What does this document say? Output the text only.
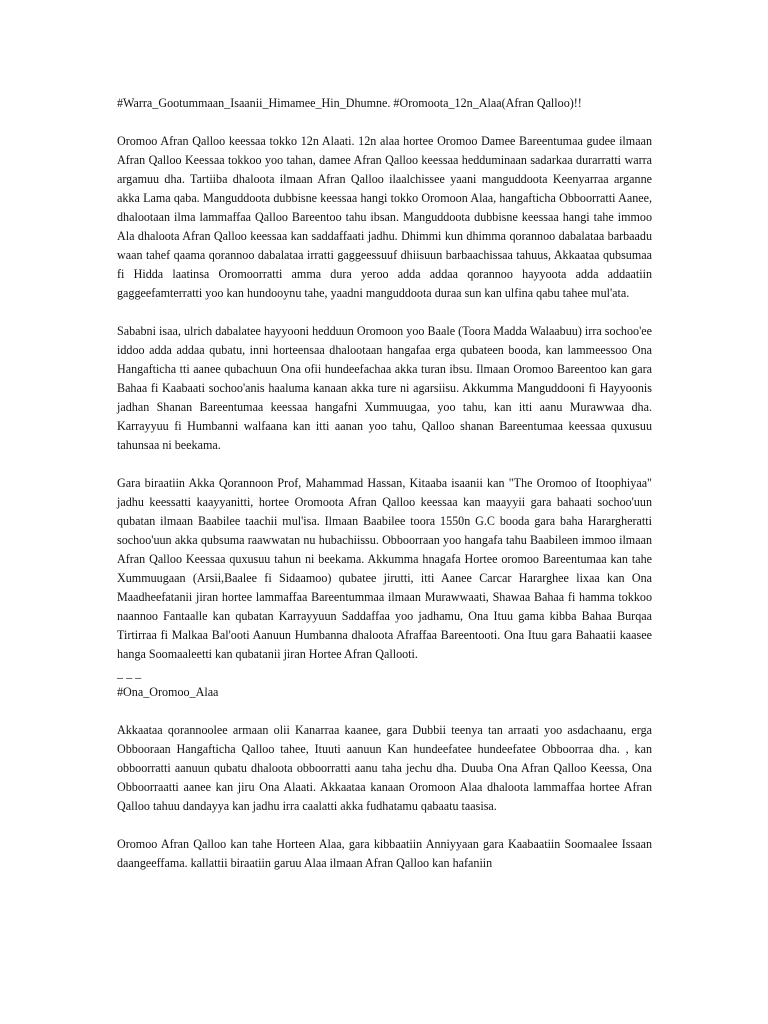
#Warra_Gootummaan_Isaanii_Himamee_Hin_Dhumne. #Oromoota_12n_Alaa(Afran Qalloo)!!

Oromoo Afran Qalloo keessaa tokko 12n Alaati. 12n alaa hortee Oromoo Damee Bareentumaa gudee ilmaan Afran Qalloo Keessaa tokkoo yoo tahan, damee Afran Qalloo keessaa hedduminaan sadarkaa durarratti warra argamuu dha. Tartiiba dhaloota ilmaan Afran Qalloo ilaalchissee yaani manguddoota Keenyarraa arganne akka Lama qaba. Manguddoota dubbisne keessaa hangi tokko Oromoon Alaa, hangafticha Obboorratti Aanee, dhalootaan ilma lammaffaa Qalloo Bareentoo tahu ibsan. Manguddoota dubbisne keessaa hangi tahe immoo Ala dhaloota Afran Qalloo keessaa kan saddaffaati jadhu. Dhimmi kun dhimma qorannoo dabalataa barbaadu waan tahef qaama qorannoo dabalataa irratti gaggeessuuf dhiisuun barbaachissaa tahuus, Akkaataa qubsumaa fi Hidda laatinsa Oromoorratti amma dura yeroo adda addaa qorannoo hayyoota adda addaatiin gaggeefamterratti yoo kan hundooynu tahe, yaadni manguddoota duraa sun kan ulfina qabu tahee mul'ata.

Sababni isaa, ulrich dabalatee hayyooni hedduun Oromoon yoo Baale (Toora Madda Walaabuu) irra sochoo'ee iddoo adda addaa qubatu, inni horteensaa dhalootaan hangafaa erga qubateen booda, kan lammeessoo Ona Hangafticha tti aanee qubachuun Ona ofii hundeefachaa akka turan ibsu. Ilmaan Oromoo Bareentoo kan gara Bahaa fi Kaabaati sochoo'anis haaluma kanaan akka ture ni agarsiisu. Akkumma Manguddooni fi Hayyoonis jadhan Shanan Bareentumaa keessaa hangafni Xummuugaa, yoo tahu, kan itti aanu Murawwaa dha. Karrayyuu fi Humbanni walfaana kan itti aanan yoo tahu, Qalloo shanan Bareentumaa keessaa quxusuu tahunsaa ni beekama.

Gara biraatiin Akka Qorannoon Prof, Mahammad Hassan, Kitaaba isaanii kan "The Oromoo of Itoophiyaa" jadhu keessatti kaayyanitti, hortee Oromoota Afran Qalloo keessaa kan maayyii gara bahaati sochoo'uun qubatan ilmaan Baabilee taachii mul'isa. Ilmaan Baabilee toora 1550n G.C booda gara baha Harargheratti sochoo'uun akka qubsuma raawwatan nu hubachiissu. Obboorraan yoo hangafa tahu Baabileen immoo ilmaan Afran Qalloo Keessaa quxusuu tahun ni beekama. Akkumma hnagafa Hortee oromoo Bareentumaa kan tahe Xummuugaan (Arsii,Baalee fi Sidaamoo) qubatee jirutti, itti Aanee Carcar Hararghee lixaa kan Ona Maadheefatanii jiran hortee lammaffaa Bareentummaa ilmaan Murawwaati, Shawaa Bahaa fi hamma tokkoo naannoo Fantaalle kan qubatan Karrayyuun Saddaffaa yoo jadhamu, Ona Ituu gama kibba Bahaa Burqaa Tirtirraa fi Malkaa Bal'ooti Aanuun Humbanna dhaloota Afraffaa Bareentooti. Ona Ituu gara Bahaatii kaasee hanga Soomaaleetti kan qubatanii jiran Hortee Afran Qallooti.

_ _ _

#Ona_Oromoo_Alaa

Akkaataa qorannoolee armaan olii Kanarraa kaanee, gara Dubbii teenya tan arraati yoo asdachaanu, erga Obbooraan Hangafticha Qalloo tahee, Ituuti aanuun Kan hundeefatee hundeefatee Obboorraa dha. , kan obboorratti aanuun qubatu dhaloota obboorratti aanu taha jechu dha. Duuba Ona Afran Qalloo Keessa, Ona Obboorraatti aanee kan jiru Ona Alaati. Akkaataa kanaan Oromoon Alaa dhaloota lammaffaa hortee Afran Qalloo tahuu dandayya kan jadhu irra caalatti akka fudhatamu qabaatu taasisa.

Oromoo Afran Qalloo kan tahe Horteen Alaa, gara kibbaatiin Anniyyaan gara Kaabaatiin Soomaalee Issaan daangeeffama. kallattii biraatiin garuu Alaa ilmaan Afran Qalloo kan hafaniin
